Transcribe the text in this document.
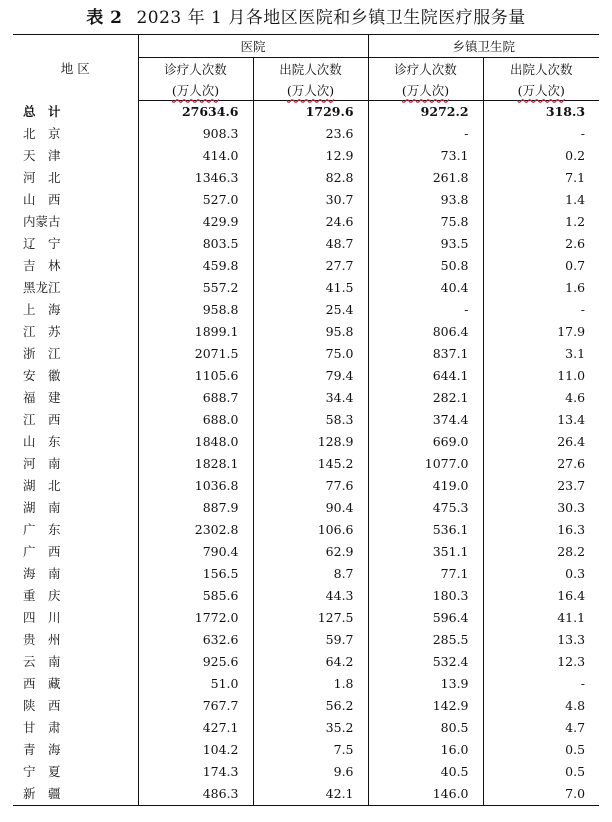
表 2 2023 年 1 月各地区医院和乡镇卫生院医疗服务量
地 区	医院		乡镇卫生院	
	诊疗人次数	出院人次数	诊疗人次数	出院人次数
	(万人次)	(万人次)	(万人次)	(万人次)
总　计	27634.6	1729.6	9272.2	318.3
北　京	908.3	23.6	-	-
天　津	414.0	12.9	73.1	0.2
河　北	1346.3	82.8	261.8	7.1
山　西	527.0	30.7	93.8	1.4
内蒙古	429.9	24.6	75.8	1.2
辽　宁	803.5	48.7	93.5	2.6
吉　林	459.8	27.7	50.8	0.7
黑龙江	557.2	41.5	40.4	1.6
上　海	958.8	25.4	-	-
江　苏	1899.1	95.8	806.4	17.9
浙　江	2071.5	75.0	837.1	3.1
安　徽	1105.6	79.4	644.1	11.0
福　建	688.7	34.4	282.1	4.6
江　西	688.0	58.3	374.4	13.4
山　东	1848.0	128.9	669.0	26.4
河　南	1828.1	145.2	1077.0	27.6
湖　北	1036.8	77.6	419.0	23.7
湖　南	887.9	90.4	475.3	30.3
广　东	2302.8	106.6	536.1	16.3
广　西	790.4	62.9	351.1	28.2
海　南	156.5	8.7	77.1	0.3
重　庆	585.6	44.3	180.3	16.4
四　川	1772.0	127.5	596.4	41.1
贵　州	632.6	59.7	285.5	13.3
云　南	925.6	64.2	532.4	12.3
西　藏	51.0	1.8	13.9	-
陕　西	767.7	56.2	142.9	4.8
甘　肃	427.1	35.2	80.5	4.7
青　海	104.2	7.5	16.0	0.5
宁　夏	174.3	9.6	40.5	0.5
新　疆	486.3	42.1	146.0	7.0
